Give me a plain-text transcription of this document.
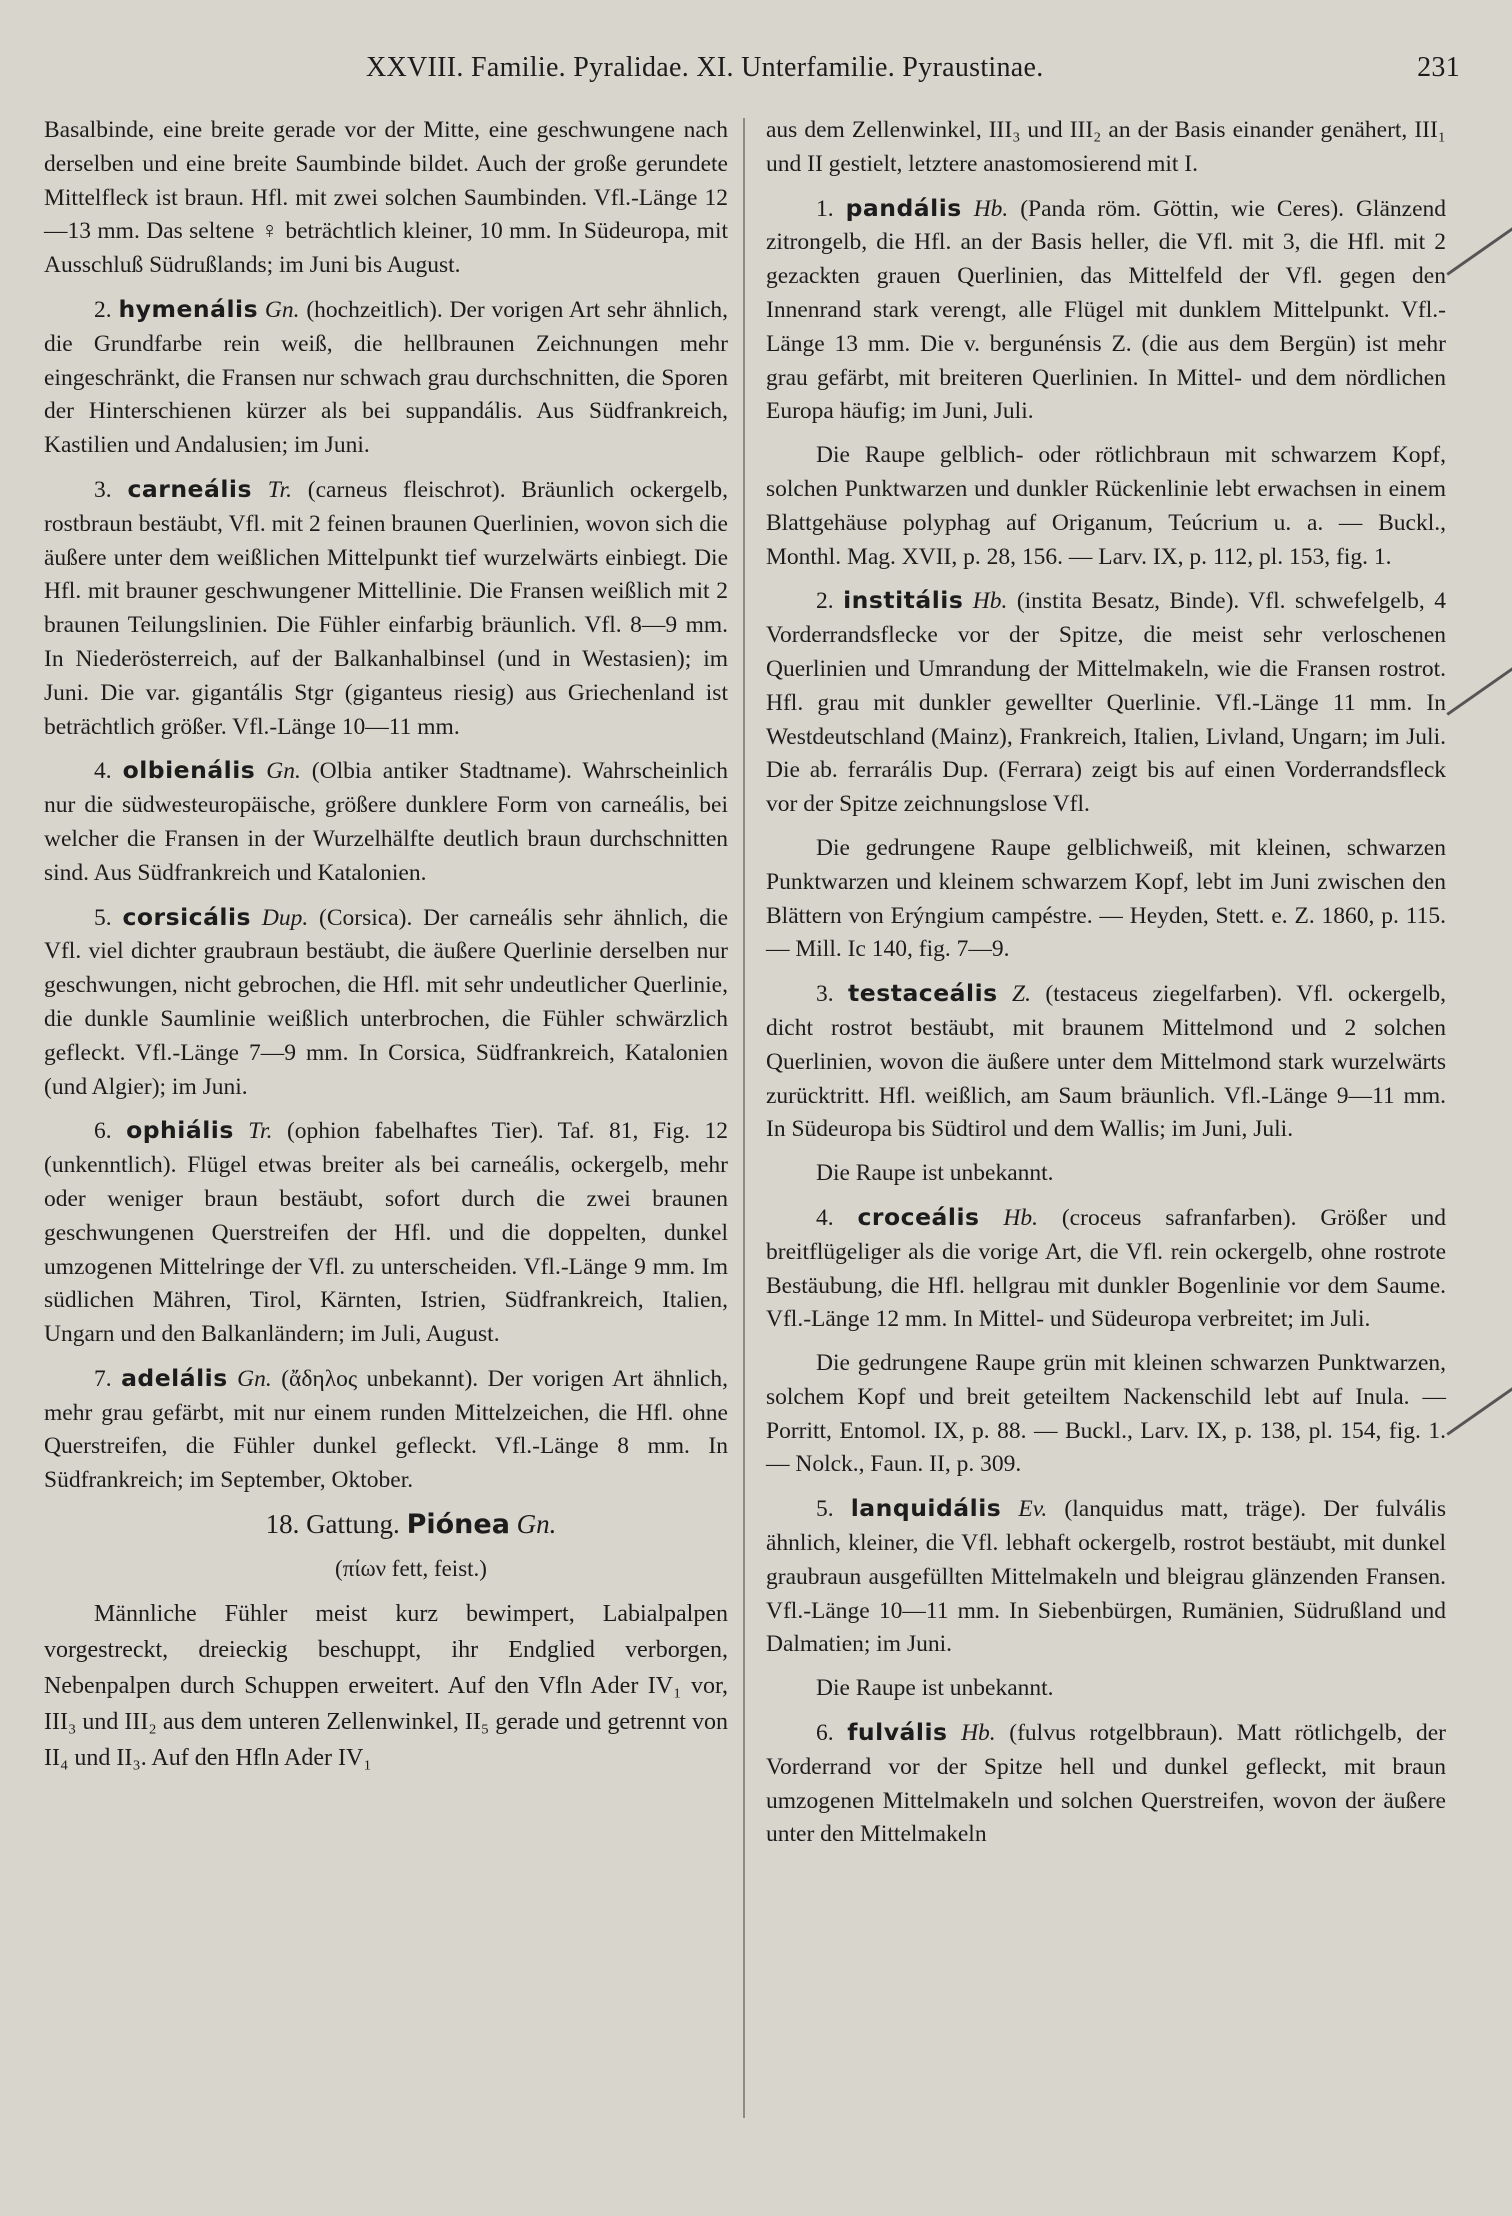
XXVIII. Familie. Pyralidae. XI. Unterfamilie. Pyraustinae.	231

Basalbinde, eine breite gerade vor der Mitte, eine geschwungene nach derselben und eine breite Saumbinde bildet. Auch der große gerundete Mittelfleck ist braun. Hfl. mit zwei solchen Saumbinden. Vfl.-Länge 12—13 mm. Das seltene ♀ beträchtlich kleiner, 10 mm. In Südeuropa, mit Ausschluß Südrußlands; im Juni bis August.

2. hymenális Gn. (hochzeitlich). Der vorigen Art sehr ähnlich, die Grundfarbe rein weiß, die hellbraunen Zeichnungen mehr eingeschränkt, die Fransen nur schwach grau durchschnitten, die Sporen der Hinterschienen kürzer als bei suppandális. Aus Südfrankreich, Kastilien und Andalusien; im Juni.

3. carneális Tr. (carneus fleischrot). Bräunlich ockergelb, rostbraun bestäubt, Vfl. mit 2 feinen braunen Querlinien, wovon sich die äußere unter dem weißlichen Mittelpunkt tief wurzelwärts einbiegt. Die Hfl. mit brauner geschwungener Mittellinie. Die Fransen weißlich mit 2 braunen Teilungslinien. Die Fühler einfarbig bräunlich. Vfl. 8—9 mm. In Niederösterreich, auf der Balkanhalbinsel (und in Westasien); im Juni. Die var. gigantális Stgr (giganteus riesig) aus Griechenland ist beträchtlich größer. Vfl.-Länge 10—11 mm.

4. olbienális Gn. (Olbia antiker Stadtname). Wahrscheinlich nur die südwesteuropäische, größere dunklere Form von carneális, bei welcher die Fransen in der Wurzelhälfte deutlich braun durchschnitten sind. Aus Südfrankreich und Katalonien.

5. corsicális Dup. (Corsica). Der carneális sehr ähnlich, die Vfl. viel dichter graubraun bestäubt, die äußere Querlinie derselben nur geschwungen, nicht gebrochen, die Hfl. mit sehr undeutlicher Querlinie, die dunkle Saumlinie weißlich unterbrochen, die Fühler schwärzlich gefleckt. Vfl.-Länge 7—9 mm. In Corsica, Südfrankreich, Katalonien (und Algier); im Juni.

6. ophiális Tr. (ophion fabelhaftes Tier). Taf. 81, Fig. 12 (unkenntlich). Flügel etwas breiter als bei carneális, ockergelb, mehr oder weniger braun bestäubt, sofort durch die zwei braunen geschwungenen Querstreifen der Hfl. und die doppelten, dunkel umzogenen Mittelringe der Vfl. zu unterscheiden. Vfl.-Länge 9 mm. Im südlichen Mähren, Tirol, Kärnten, Istrien, Südfrankreich, Italien, Ungarn und den Balkanländern; im Juli, August.

7. adelális Gn. (ἄδηλος unbekannt). Der vorigen Art ähnlich, mehr grau gefärbt, mit nur einem runden Mittelzeichen, die Hfl. ohne Querstreifen, die Fühler dunkel gefleckt. Vfl.-Länge 8 mm. In Südfrankreich; im September, Oktober.

18. Gattung. Piónea Gn.

(πίων fett, feist.)

Männliche Fühler meist kurz bewimpert, Labialpalpen vorgestreckt, dreieckig beschuppt, ihr Endglied verborgen, Nebenpalpen durch Schuppen erweitert. Auf den Vfln Ader IV₁ vor, III₃ und III₂ aus dem unteren Zellenwinkel, II₅ gerade und getrennt von II₄ und II₃. Auf den Hfln Ader IV₁

aus dem Zellenwinkel, III₃ und III₂ an der Basis einander genähert, III₁ und II gestielt, letztere anastomosierend mit I.

1. pandális Hb. (Panda röm. Göttin, wie Ceres). Glänzend zitrongelb, die Hfl. an der Basis heller, die Vfl. mit 3, die Hfl. mit 2 gezackten grauen Querlinien, das Mittelfeld der Vfl. gegen den Innenrand stark verengt, alle Flügel mit dunklem Mittelpunkt. Vfl.-Länge 13 mm. Die v. bergunénsis Z. (die aus dem Bergün) ist mehr grau gefärbt, mit breiteren Querlinien. In Mittel- und dem nördlichen Europa häufig; im Juni, Juli.

Die Raupe gelblich- oder rötlichbraun mit schwarzem Kopf, solchen Punktwarzen und dunkler Rückenlinie lebt erwachsen in einem Blattgehäuse polyphag auf Origanum, Teúcrium u. a. — Buckl., Monthl. Mag. XVII, p. 28, 156. — Larv. IX, p. 112, pl. 153, fig. 1.

2. institális Hb. (institа Besatz, Binde). Vfl. schwefelgelb, 4 Vorderrandsflecke vor der Spitze, die meist sehr verloschenen Querlinien und Umrandung der Mittelmakeln, wie die Fransen rostrot. Hfl. grau mit dunkler gewellter Querlinie. Vfl.-Länge 11 mm. In Westdeutschland (Mainz), Frankreich, Italien, Livland, Ungarn; im Juli. Die ab. ferrarális Dup. (Ferrara) zeigt bis auf einen Vorderrandsfleck vor der Spitze zeichnungslose Vfl.

Die gedrungene Raupe gelblichweiß, mit kleinen, schwarzen Punktwarzen und kleinem schwarzem Kopf, lebt im Juni zwischen den Blättern von Erýngium campéstre. — Heyden, Stett. e. Z. 1860, p. 115. — Mill. Ic 140, fig. 7—9.

3. testaceális Z. (testaceus ziegelfarben). Vfl. ockergelb, dicht rostrot bestäubt, mit braunem Mittelmond und 2 solchen Querlinien, wovon die äußere unter dem Mittelmond stark wurzelwärts zurücktritt. Hfl. weißlich, am Saum bräunlich. Vfl.-Länge 9—11 mm. In Südeuropa bis Südtirol und dem Wallis; im Juni, Juli.

Die Raupe ist unbekannt.

4. croceális Hb. (croceus safranfarben). Größer und breitflügeliger als die vorige Art, die Vfl. rein ockergelb, ohne rostrote Bestäubung, die Hfl. hellgrau mit dunkler Bogenlinie vor dem Saume. Vfl.-Länge 12 mm. In Mittel- und Südeuropa verbreitet; im Juli.

Die gedrungene Raupe grün mit kleinen schwarzen Punktwarzen, solchem Kopf und breit geteiltem Nackenschild lebt auf Inula. — Porritt, Entomol. IX, p. 88. — Buckl., Larv. IX, p. 138, pl. 154, fig. 1. — Nolck., Faun. II, p. 309.

5. lanquidális Ev. (lanquidus matt, träge). Der fulvális ähnlich, kleiner, die Vfl. lebhaft ockergelb, rostrot bestäubt, mit dunkel graubraun ausgefüllten Mittelmakeln und bleigrau glänzenden Fransen. Vfl.-Länge 10—11 mm. In Siebenbürgen, Rumänien, Südrußland und Dalmatien; im Juni.

Die Raupe ist unbekannt.

6. fulvális Hb. (fulvus rotgelbbraun). Matt rötlichgelb, der Vorderrand vor der Spitze hell und dunkel gefleckt, mit braun umzogenen Mittelmakeln und solchen Querstreifen, wovon der äußere unter den Mittelmakeln
